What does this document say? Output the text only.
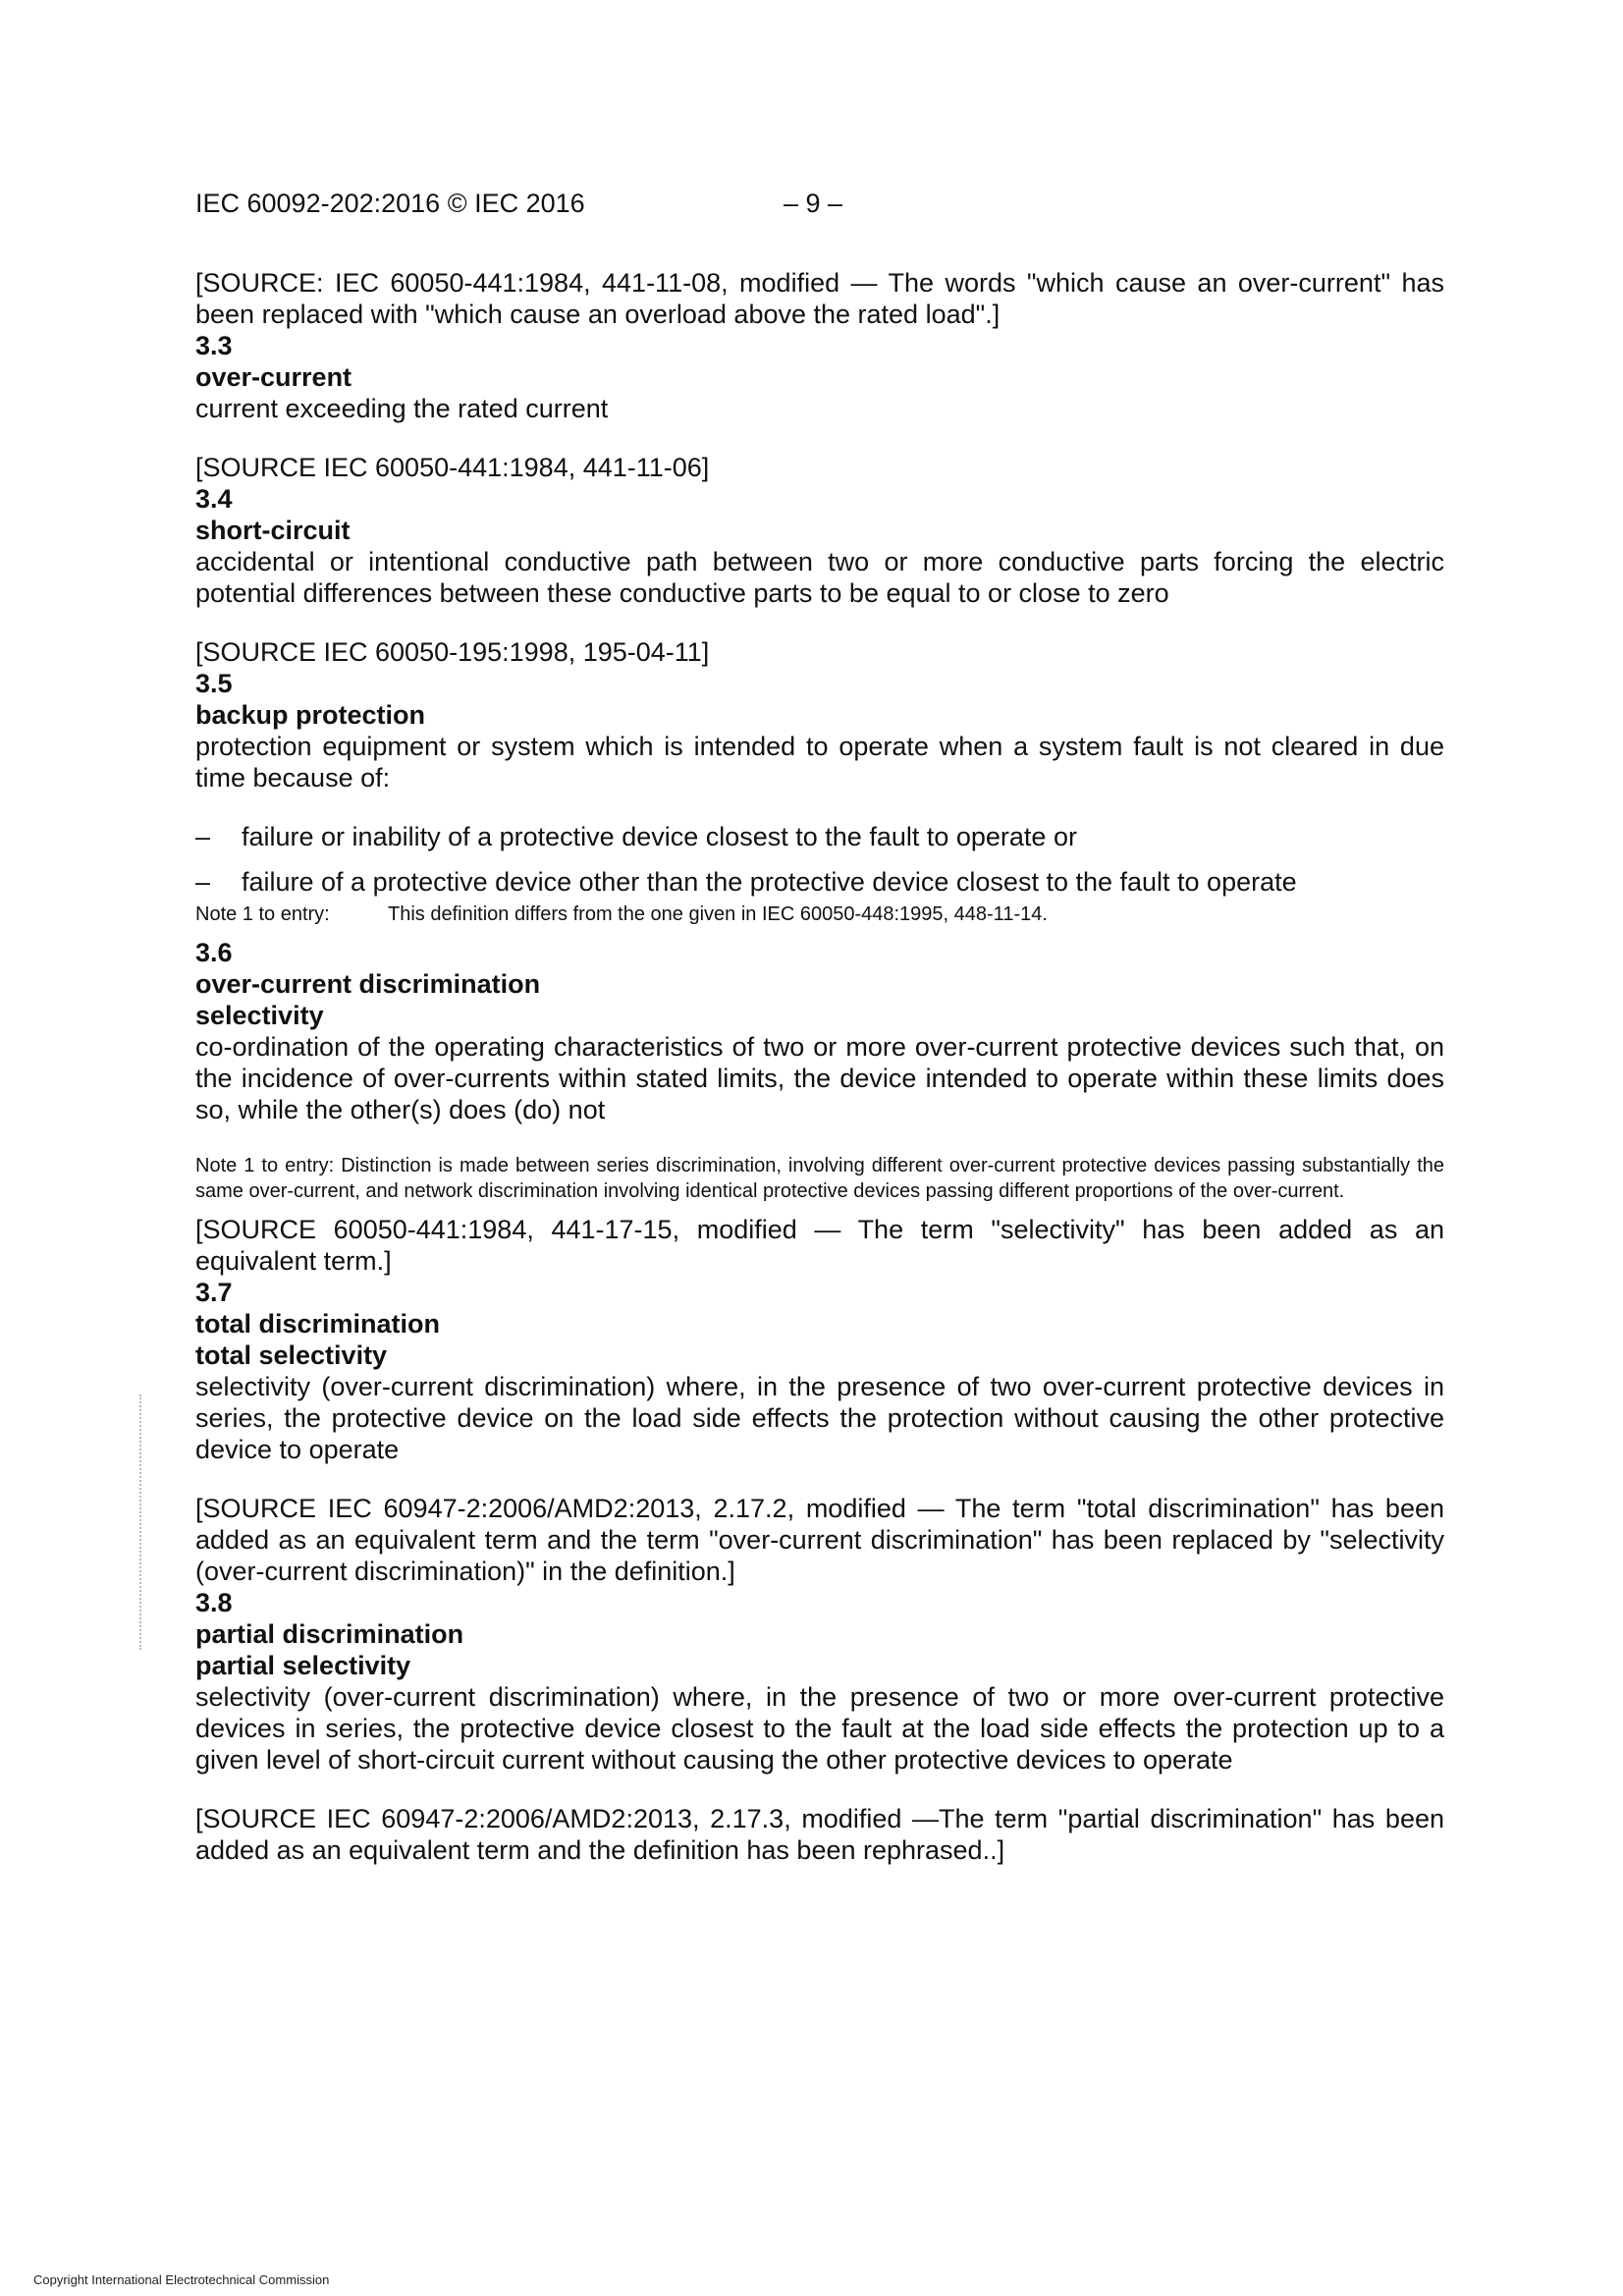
IEC 60092-202:2016 © IEC 2016	– 9 –

[SOURCE: IEC 60050-441:1984, 441-11-08, modified — The words "which cause an over-current" has been replaced with "which cause an overload above the rated load".]

3.3

over-current

current exceeding the rated current

[SOURCE IEC 60050-441:1984, 441-11-06]

3.4

short-circuit

accidental or intentional conductive path between two or more conductive parts forcing the electric potential differences between these conductive parts to be equal to or close to zero

[SOURCE IEC 60050-195:1998, 195-04-11]

3.5

backup protection

protection equipment or system which is intended to operate when a system fault is not cleared in due time because of:

–	failure or inability of a protective device closest to the fault to operate or
–	failure of a protective device other than the protective device closest to the fault to operate

Note 1 to entry:	This definition differs from the one given in IEC 60050-448:1995, 448-11-14.

3.6

over-current discrimination

selectivity

co-ordination of the operating characteristics of two or more over-current protective devices such that, on the incidence of over-currents within stated limits, the device intended to operate within these limits does so, while the other(s) does (do) not

Note 1 to entry: Distinction is made between series discrimination, involving different over-current protective devices passing substantially the same over-current, and network discrimination involving identical protective devices passing different proportions of the over-current.

[SOURCE 60050-441:1984, 441-17-15, modified — The term "selectivity" has been added as an equivalent term.]

3.7

total discrimination

total selectivity

selectivity (over-current discrimination) where, in the presence of two over-current protective devices in series, the protective device on the load side effects the protection without causing the other protective device to operate

[SOURCE IEC 60947-2:2006/AMD2:2013, 2.17.2, modified — The term "total discrimination" has been added as an equivalent term and the term "over-current discrimination" has been replaced by "selectivity (over-current discrimination)" in the definition.]

3.8

partial discrimination

partial selectivity

selectivity (over-current discrimination) where, in the presence of two or more over-current protective devices in series, the protective device closest to the fault at the load side effects the protection up to a given level of short-circuit current without causing the other protective devices to operate

[SOURCE IEC 60947-2:2006/AMD2:2013, 2.17.3, modified —The term "partial discrimination" has been added as an equivalent term and the definition has been rephrased..]

Copyright International Electrotechnical Commission
